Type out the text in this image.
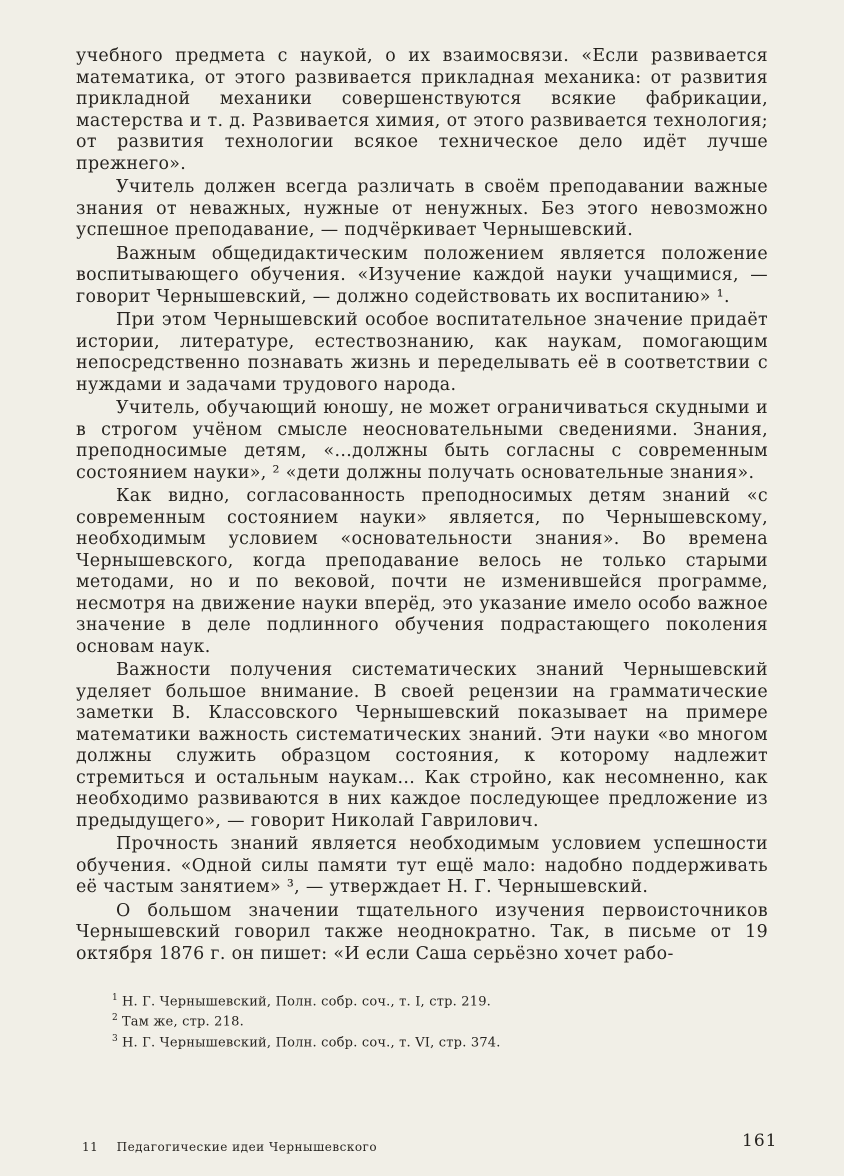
учебного предмета с наукой, о их взаимосвязи. «Если развивается математика, от этого развивается прикладная механика: от развития прикладной механики совершенствуются всякие фабрикации, мастерства и т. д. Развивается химия, от этого развивается технология; от развития технологии всякое техническое дело идёт лучше прежнего».

Учитель должен всегда различать в своём преподавании важные знания от неважных, нужные от ненужных. Без этого невозможно успешное преподавание, — подчёркивает Чернышевский.

Важным общедидактическим положением является положение воспитывающего обучения. «Изучение каждой науки учащимися, — говорит Чернышевский, — должно содействовать их воспитанию» ¹.

При этом Чернышевский особое воспитательное значение придаёт истории, литературе, естествознанию, как наукам, помогающим непосредственно познавать жизнь и переделывать её в соответствии с нуждами и задачами трудового народа.

Учитель, обучающий юношу, не может ограничиваться скудными и в строгом учёном смысле неосновательными сведениями. Знания, преподносимые детям, «...должны быть согласны с современным состоянием науки», ² «дети должны получать основательные знания».

Как видно, согласованность преподносимых детям знаний «с современным состоянием науки» является, по Чернышевскому, необходимым условием «основательности знания». Во времена Чернышевского, когда преподавание велось не только старыми методами, но и по вековой, почти не изменившейся программе, несмотря на движение науки вперёд, это указание имело особо важное значение в деле подлинного обучения подрастающего поколения основам наук.

Важности получения систематических знаний Чернышевский уделяет большое внимание. В своей рецензии на грамматические заметки В. Классовского Чернышевский показывает на примере математики важность систематических знаний. Эти науки «во многом должны служить образцом состояния, к которому надлежит стремиться и остальным наукам... Как стройно, как несомненно, как необходимо развиваются в них каждое последующее предложение из предыдущего», — говорит Николай Гаврилович.

Прочность знаний является необходимым условием успешности обучения. «Одной силы памяти тут ещё мало: надобно поддерживать её частым занятием» ³, — утверждает Н. Г. Чернышевский.

О большом значении тщательного изучения первоисточников Чернышевский говорил также неоднократно. Так, в письме от 19 октября 1876 г. он пишет: «И если Саша серьёзно хочет рабо-

$^1$ Н. Г. Чернышевский, Полн. собр. соч., т. I, стр. 219.

$^2$ Там же, стр. 218.

$^3$ Н. Г. Чернышевский, Полн. собр. соч., т. VI, стр. 374.

11 Педагогические идеи Чернышевского	161
